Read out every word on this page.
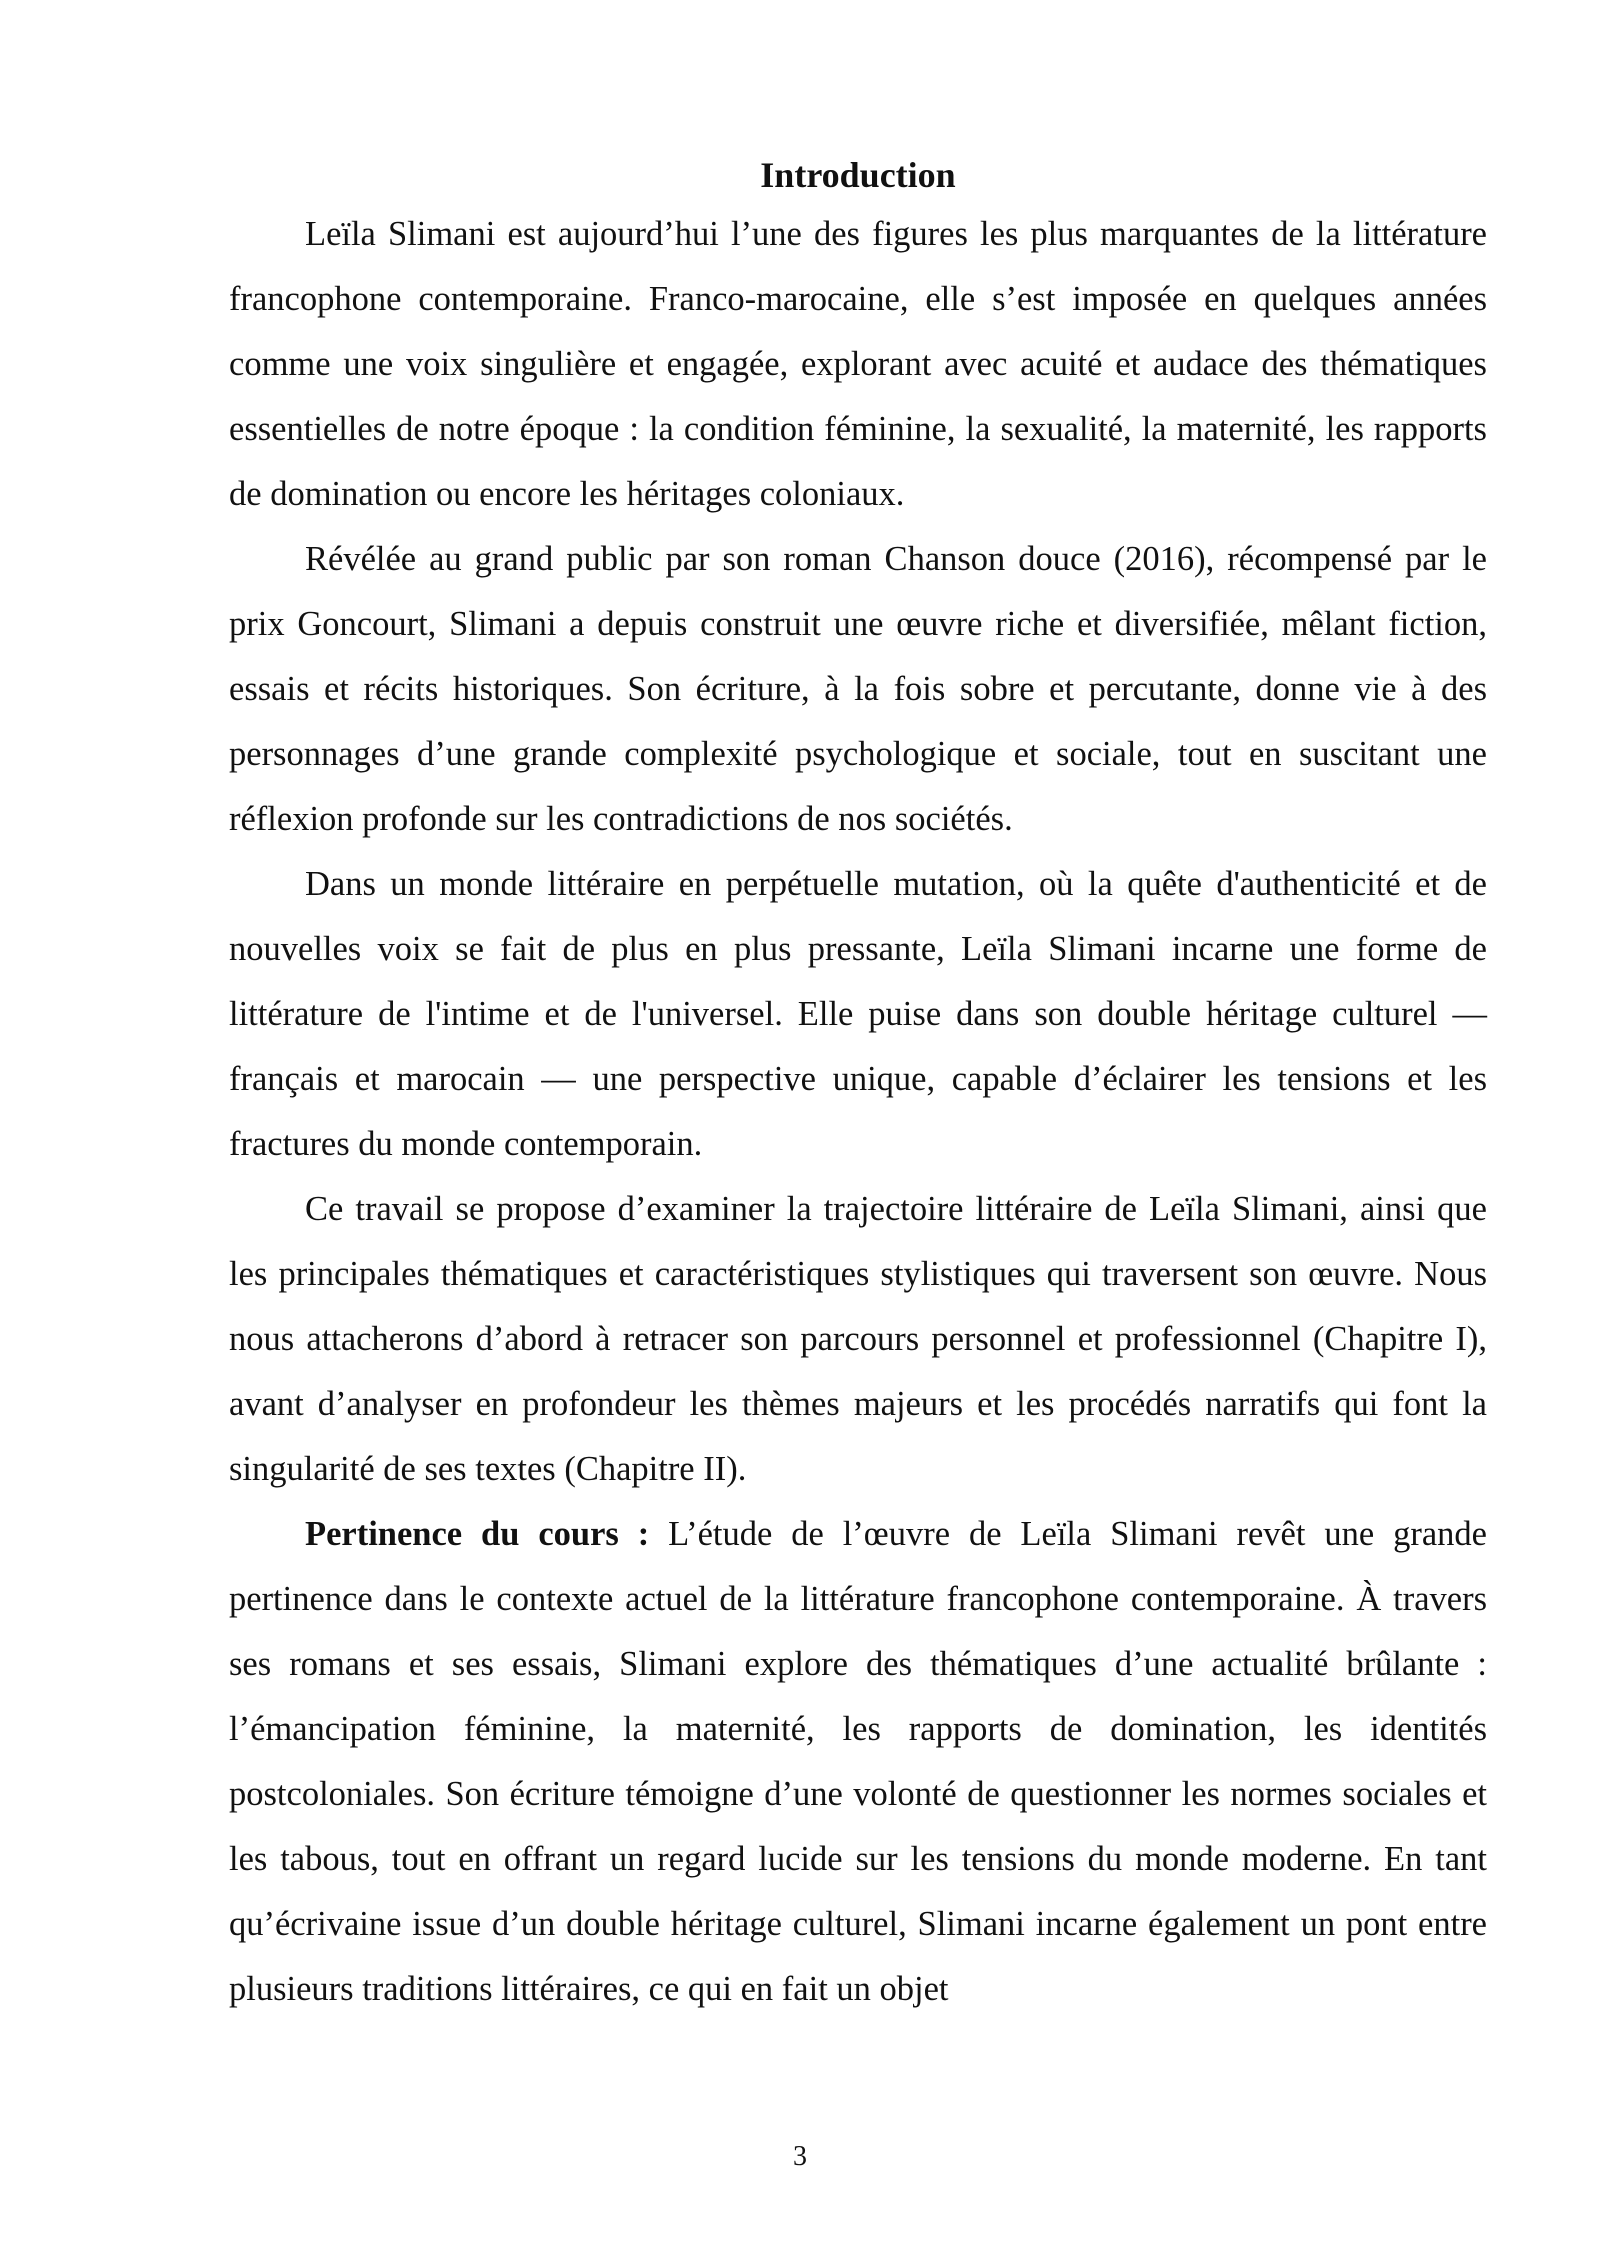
Introduction

Leïla Slimani est aujourd’hui l’une des figures les plus marquantes de la littérature francophone contemporaine. Franco-marocaine, elle s’est imposée en quelques années comme une voix singulière et engagée, explorant avec acuité et audace des thématiques essentielles de notre époque : la condition féminine, la sexualité, la maternité, les rapports de domination ou encore les héritages coloniaux.

Révélée au grand public par son roman Chanson douce (2016), récompensé par le prix Goncourt, Slimani a depuis construit une œuvre riche et diversifiée, mêlant fiction, essais et récits historiques. Son écriture, à la fois sobre et percutante, donne vie à des personnages d’une grande complexité psychologique et sociale, tout en suscitant une réflexion profonde sur les contradictions de nos sociétés.

Dans un monde littéraire en perpétuelle mutation, où la quête d'authenticité et de nouvelles voix se fait de plus en plus pressante, Leïla Slimani incarne une forme de littérature de l'intime et de l'universel. Elle puise dans son double héritage culturel — français et marocain — une perspective unique, capable d’éclairer les tensions et les fractures du monde contemporain.

Ce travail se propose d’examiner la trajectoire littéraire de Leïla Slimani, ainsi que les principales thématiques et caractéristiques stylistiques qui traversent son œuvre. Nous nous attacherons d’abord à retracer son parcours personnel et professionnel (Chapitre I), avant d’analyser en profondeur les thèmes majeurs et les procédés narratifs qui font la singularité de ses textes (Chapitre II).

Pertinence du cours : L’étude de l’œuvre de Leïla Slimani revêt une grande pertinence dans le contexte actuel de la littérature francophone contemporaine. À travers ses romans et ses essais, Slimani explore des thématiques d’une actualité brûlante : l’émancipation féminine, la maternité, les rapports de domination, les identités postcoloniales. Son écriture témoigne d’une volonté de questionner les normes sociales et les tabous, tout en offrant un regard lucide sur les tensions du monde moderne. En tant qu’écrivaine issue d’un double héritage culturel, Slimani incarne également un pont entre plusieurs traditions littéraires, ce qui en fait un objet

3
